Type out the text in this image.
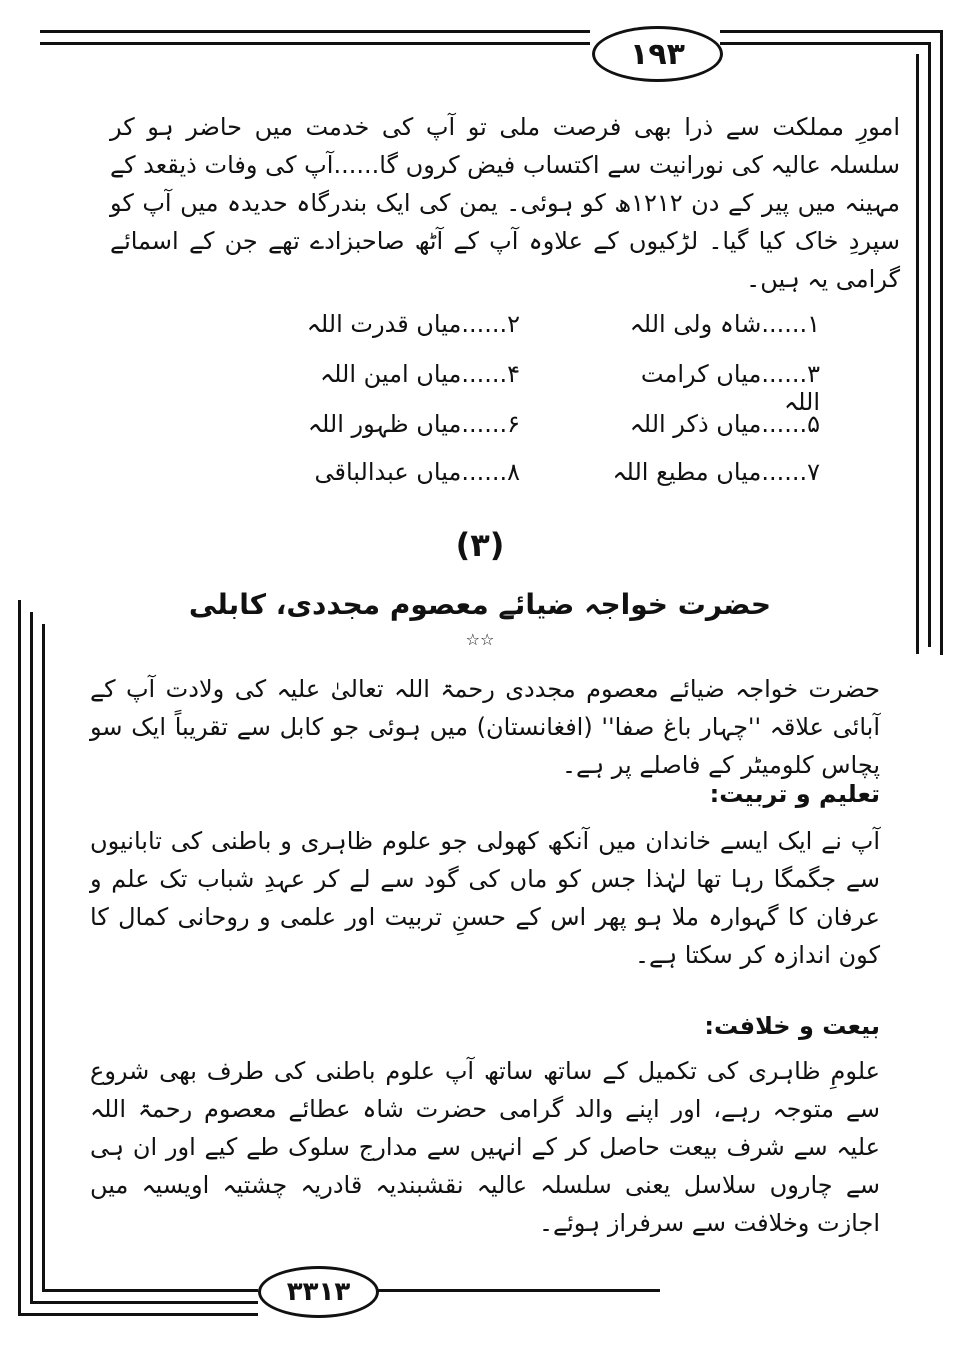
۱۹۳
۳۳۱۳

امورِ مملکت سے ذرا بھی فرصت ملی تو آپ کی خدمت میں حاضر ہو کر سلسلہ عالیہ کی نورانیت سے اکتساب فیض کروں گا......آپ کی وفات ذیقعد کے مہینہ میں پیر کے دن ۱۲۱۲ھ کو ہوئی۔ یمن کی ایک بندرگاہ حدیدہ میں آپ کو سپردِ خاک کیا گیا۔ لڑکیوں کے علاوہ آپ کے آٹھ صاحبزادے تھے جن کے اسمائے گرامی یہ ہیں۔

۱......شاہ ولی اللہ

۲......میاں قدرت اللہ

۳......میاں کرامت اللہ

۴......میاں امین اللہ

۵......میاں ذکر اللہ

۶......میاں ظہور اللہ

۷......میاں مطیع اللہ

۸......میاں عبدالباقی

(۳)

حضرت خواجہ ضیائے معصوم مجددی، کابلی

☆☆

حضرت خواجہ ضیائے معصوم مجددی رحمۃ اللہ تعالیٰ علیہ کی ولادت آپ کے آبائی علاقہ ''چہار باغ صفا'' (افغانستان) میں ہوئی جو کابل سے تقریباً ایک سو پچاس کلومیٹر کے فاصلے پر ہے۔

تعلیم و تربیت:

آپ نے ایک ایسے خاندان میں آنکھ کھولی جو علوم ظاہری و باطنی کی تابانیوں سے جگمگا رہا تھا لہٰذا جس کو ماں کی گود سے لے کر عہدِ شباب تک علم و عرفان کا گہوارہ ملا ہو پھر اس کے حسنِ تربیت اور علمی و روحانی کمال کا کون اندازہ کر سکتا ہے۔

بیعت و خلافت:

علومِ ظاہری کی تکمیل کے ساتھ ساتھ آپ علوم باطنی کی طرف بھی شروع سے متوجہ رہے، اور اپنے والد گرامی حضرت شاہ عطائے معصوم رحمۃ اللہ علیہ سے شرف بیعت حاصل کر کے انہیں سے مدارج سلوک طے کیے اور ان ہی سے چاروں سلاسل یعنی سلسلہ عالیہ نقشبندیہ قادریہ چشتیہ اویسیہ میں اجازت وخلافت سے سرفراز ہوئے۔
